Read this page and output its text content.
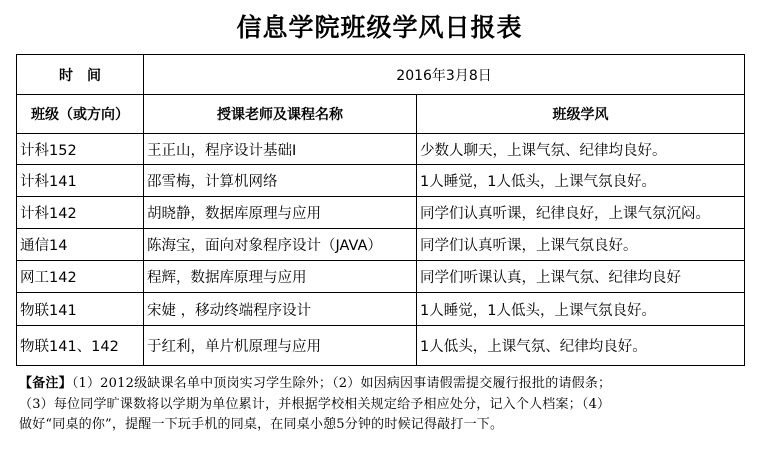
信息学院班级学风日报表
时　间	2016年3月8日	
班级（或方向）	授课老师及课程名称	班级学风
计科152	王正山，程序设计基础I	少数人聊天，上课气氛、纪律均良好。
计科141	邵雪梅，计算机网络	1人睡觉，1人低头，上课气氛良好。
计科142	胡晓静，数据库原理与应用	同学们认真听课，纪律良好，上课气氛沉闷。
通信14	陈海宝，面向对象程序设计（JAVA）	同学们认真听课，上课气氛良好。
网工142	程辉，数据库原理与应用	同学们听课认真，上课气氛、纪律均良好
物联141	宋婕 ，移动终端程序设计	1人睡觉，1人低头，上课气氛良好。
物联141、142	于红利，单片机原理与应用	1人低头，上课气氛、纪律均良好。
【备注】（1）2012级缺课名单中顶岗实习学生除外；（2）如因病因事请假需提交履行报批的请假条；
（3）每位同学旷课数将以学期为单位累计，并根据学校相关规定给予相应处分，记入个人档案；（4）
做好“同桌的你”，提醒一下玩手机的同桌，在同桌小憩5分钟的时候记得敲打一下。
